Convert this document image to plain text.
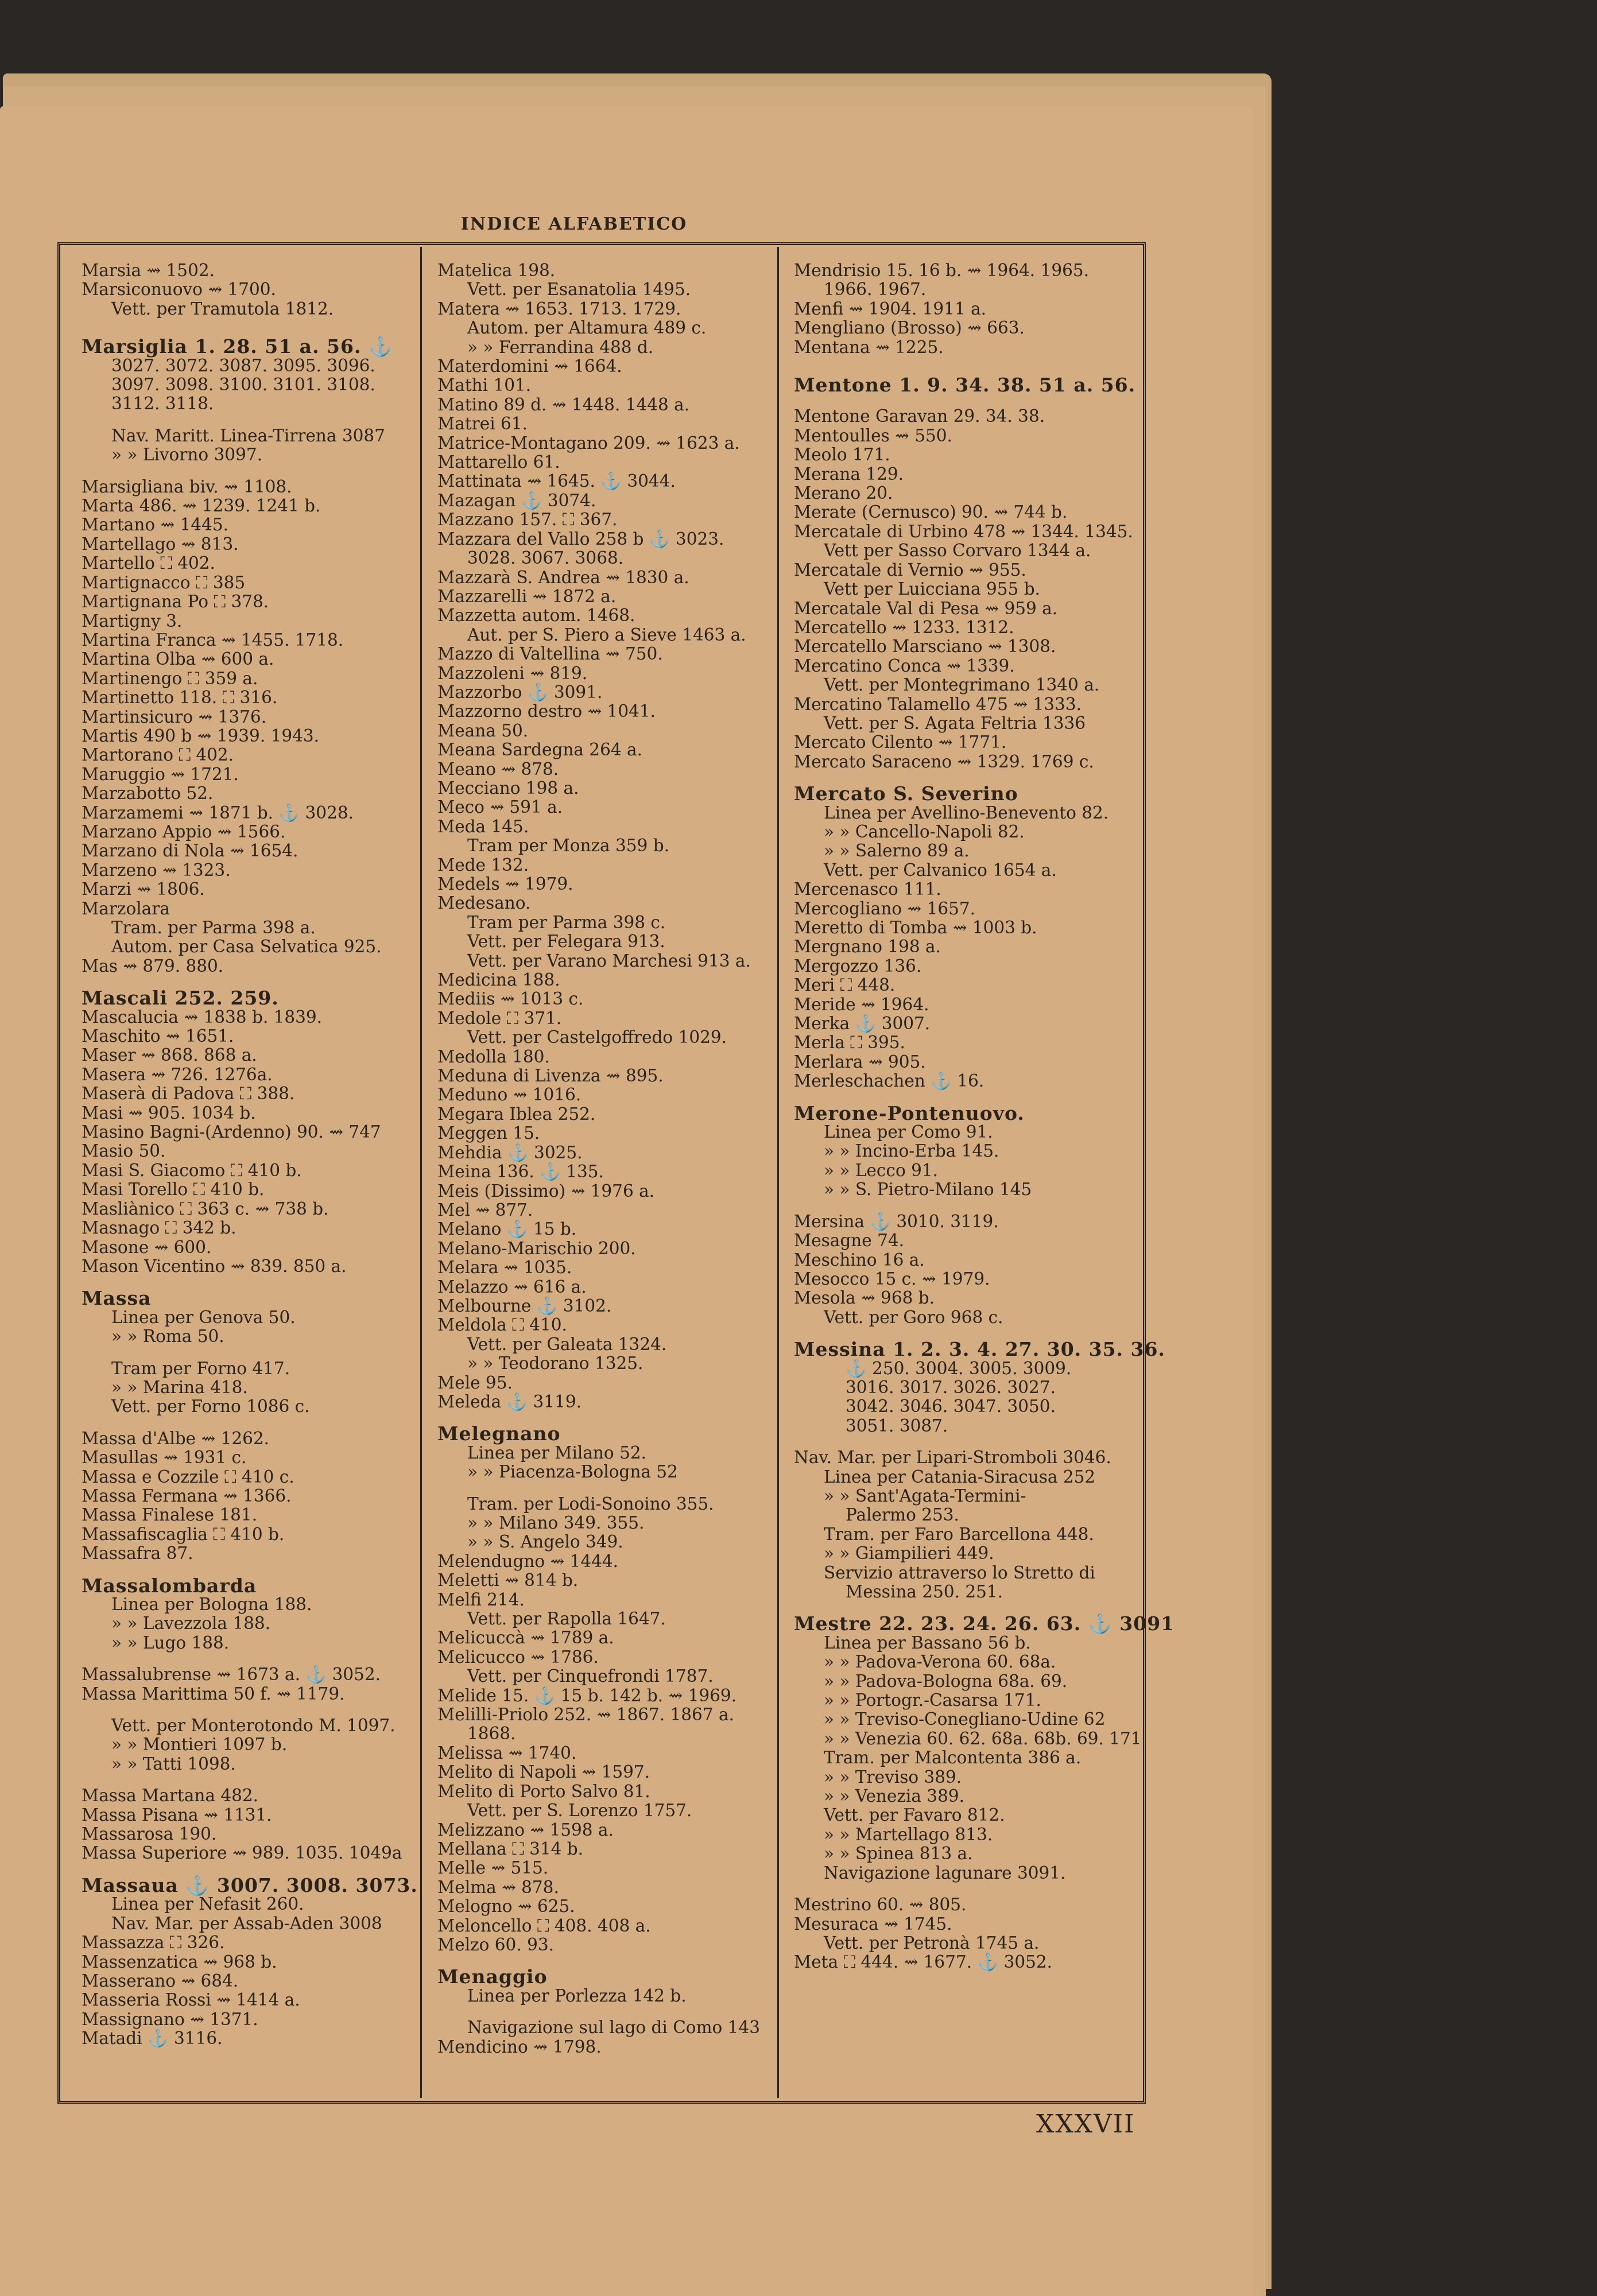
INDICE ALFABETICO
Marsia ⇝ 1502.
Marsiconuovo ⇝ 1700.
Vett. per Tramutola 1812.
Marsiglia 1. 28. 51 a. 56. ⚓
3027. 3072. 3087. 3095. 3096.
3097. 3098. 3100. 3101. 3108.
3112. 3118.
Nav. Maritt. Linea-Tirrena 3087
» » Livorno 3097.
Marsigliana biv. ⇝ 1108.
Marta 486. ⇝ 1239. 1241 b.
Martano ⇝ 1445.
Martellago ⇝ 813.
Martello ⛶ 402.
Martignacco ⛶ 385
Martignana Po ⛶ 378.
Martigny 3.
Martina Franca ⇝ 1455. 1718.
Martina Olba ⇝ 600 a.
Martinengo ⛶ 359 a.
Martinetto 118. ⛶ 316.
Martinsicuro ⇝ 1376.
Martis 490 b ⇝ 1939. 1943.
Martorano ⛶ 402.
Maruggio ⇝ 1721.
Marzabotto 52.
Marzamemi ⇝ 1871 b. ⚓ 3028.
Marzano Appio ⇝ 1566.
Marzano di Nola ⇝ 1654.
Marzeno ⇝ 1323.
Marzi ⇝ 1806.
Marzolara
Tram. per Parma 398 a.
Autom. per Casa Selvatica 925.
Mas ⇝ 879. 880.
Mascali 252. 259.
Mascalucia ⇝ 1838 b. 1839.
Maschito ⇝ 1651.
Maser ⇝ 868. 868 a.
Masera ⇝ 726. 1276a.
Maserà di Padova ⛶ 388.
Masi ⇝ 905. 1034 b.
Masino Bagni-(Ardenno) 90. ⇝ 747
Masio 50.
Masi S. Giacomo ⛶ 410 b.
Masi Torello ⛶ 410 b.
Masliànico ⛶ 363 c. ⇝ 738 b.
Masnago ⛶ 342 b.
Masone ⇝ 600.
Mason Vicentino ⇝ 839. 850 a.
Massa
Linea per Genova 50.
» » Roma 50.
Tram per Forno 417.
» » Marina 418.
Vett. per Forno 1086 c.
Massa d'Albe ⇝ 1262.
Masullas ⇝ 1931 c.
Massa e Cozzile ⛶ 410 c.
Massa Fermana ⇝ 1366.
Massa Finalese 181.
Massafiscaglia ⛶ 410 b.
Massafra 87.
Massalombarda
Linea per Bologna 188.
» » Lavezzola 188.
» » Lugo 188.
Massalubrense ⇝ 1673 a. ⚓ 3052.
Massa Marittima 50 f. ⇝ 1179.
Vett. per Monterotondo M. 1097.
» » Montieri 1097 b.
» » Tatti 1098.
Massa Martana 482.
Massa Pisana ⇝ 1131.
Massarosa 190.
Massa Superiore ⇝ 989. 1035. 1049a
Massaua ⚓ 3007. 3008. 3073.
Linea per Nefasit 260.
Nav. Mar. per Assab-Aden 3008
Massazza ⛶ 326.
Massenzatica ⇝ 968 b.
Masserano ⇝ 684.
Masseria Rossi ⇝ 1414 a.
Massignano ⇝ 1371.
Matadi ⚓ 3116.
Matelica 198.
Vett. per Esanatolia 1495.
Matera ⇝ 1653. 1713. 1729.
Autom. per Altamura 489 c.
» » Ferrandina 488 d.
Materdomini ⇝ 1664.
Mathi 101.
Matino 89 d. ⇝ 1448. 1448 a.
Matrei 61.
Matrice-Montagano 209. ⇝ 1623 a.
Mattarello 61.
Mattinata ⇝ 1645. ⚓ 3044.
Mazagan ⚓ 3074.
Mazzano 157. ⛶ 367.
Mazzara del Vallo 258 b ⚓ 3023.
3028. 3067. 3068.
Mazzarà S. Andrea ⇝ 1830 a.
Mazzarelli ⇝ 1872 a.
Mazzetta autom. 1468.
Aut. per S. Piero a Sieve 1463 a.
Mazzo di Valtellina ⇝ 750.
Mazzoleni ⇝ 819.
Mazzorbo ⚓ 3091.
Mazzorno destro ⇝ 1041.
Meana 50.
Meana Sardegna 264 a.
Meano ⇝ 878.
Mecciano 198 a.
Meco ⇝ 591 a.
Meda 145.
Tram per Monza 359 b.
Mede 132.
Medels ⇝ 1979.
Medesano.
Tram per Parma 398 c.
Vett. per Felegara 913.
Vett. per Varano Marchesi 913 a.
Medicina 188.
Mediis ⇝ 1013 c.
Medole ⛶ 371.
Vett. per Castelgoffredo 1029.
Medolla 180.
Meduna di Livenza ⇝ 895.
Meduno ⇝ 1016.
Megara Iblea 252.
Meggen 15.
Mehdia ⚓ 3025.
Meina 136. ⚓ 135.
Meis (Dissimo) ⇝ 1976 a.
Mel ⇝ 877.
Melano ⚓ 15 b.
Melano-Marischio 200.
Melara ⇝ 1035.
Melazzo ⇝ 616 a.
Melbourne ⚓ 3102.
Meldola ⛶ 410.
Vett. per Galeata 1324.
» » Teodorano 1325.
Mele 95.
Meleda ⚓ 3119.
Melegnano
Linea per Milano 52.
» » Piacenza-Bologna 52
Tram. per Lodi-Sonoino 355.
» » Milano 349. 355.
» » S. Angelo 349.
Melendugno ⇝ 1444.
Meletti ⇝ 814 b.
Melfi 214.
Vett. per Rapolla 1647.
Melicuccà ⇝ 1789 a.
Melicucco ⇝ 1786.
Vett. per Cinquefrondi 1787.
Melide 15. ⚓ 15 b. 142 b. ⇝ 1969.
Melilli-Priolo 252. ⇝ 1867. 1867 a.
1868.
Melissa ⇝ 1740.
Melito di Napoli ⇝ 1597.
Melito di Porto Salvo 81.
Vett. per S. Lorenzo 1757.
Melizzano ⇝ 1598 a.
Mellana ⛶ 314 b.
Melle ⇝ 515.
Melma ⇝ 878.
Melogno ⇝ 625.
Meloncello ⛶ 408. 408 a.
Melzo 60. 93.
Menaggio
Linea per Porlezza 142 b.
Navigazione sul lago di Como 143
Mendicino ⇝ 1798.
Mendrisio 15. 16 b. ⇝ 1964. 1965.
1966. 1967.
Menfi ⇝ 1904. 1911 a.
Mengliano (Brosso) ⇝ 663.
Mentana ⇝ 1225.
Mentone 1. 9. 34. 38. 51 a. 56.
Mentone Garavan 29. 34. 38.
Mentoulles ⇝ 550.
Meolo 171.
Merana 129.
Merano 20.
Merate (Cernusco) 90. ⇝ 744 b.
Mercatale di Urbino 478 ⇝ 1344. 1345.
Vett per Sasso Corvaro 1344 a.
Mercatale di Vernio ⇝ 955.
Vett per Luicciana 955 b.
Mercatale Val di Pesa ⇝ 959 a.
Mercatello ⇝ 1233. 1312.
Mercatello Marsciano ⇝ 1308.
Mercatino Conca ⇝ 1339.
Vett. per Montegrimano 1340 a.
Mercatino Talamello 475 ⇝ 1333.
Vett. per S. Agata Feltria 1336
Mercato Cilento ⇝ 1771.
Mercato Saraceno ⇝ 1329. 1769 c.
Mercato S. Severino
Linea per Avellino-Benevento 82.
» » Cancello-Napoli 82.
» » Salerno 89 a.
Vett. per Calvanico 1654 a.
Mercenasco 111.
Mercogliano ⇝ 1657.
Meretto di Tomba ⇝ 1003 b.
Mergnano 198 a.
Mergozzo 136.
Meri ⛶ 448.
Meride ⇝ 1964.
Merka ⚓ 3007.
Merla ⛶ 395.
Merlara ⇝ 905.
Merleschachen ⚓ 16.
Merone-Pontenuovo.
Linea per Como 91.
» » Incino-Erba 145.
» » Lecco 91.
» » S. Pietro-Milano 145
Mersina ⚓ 3010. 3119.
Mesagne 74.
Meschino 16 a.
Mesocco 15 c. ⇝ 1979.
Mesola ⇝ 968 b.
Vett. per Goro 968 c.
Messina 1. 2. 3. 4. 27. 30. 35. 36.
⚓ 250. 3004. 3005. 3009.
3016. 3017. 3026. 3027.
3042. 3046. 3047. 3050.
3051. 3087.
Nav. Mar. per Lipari-Stromboli 3046.
Linea per Catania-Siracusa 252
» » Sant'Agata-Termini-
Palermo 253.
Tram. per Faro Barcellona 448.
» » Giampilieri 449.
Servizio attraverso lo Stretto di
Messina 250. 251.
Mestre 22. 23. 24. 26. 63. ⚓ 3091
Linea per Bassano 56 b.
» » Padova-Verona 60. 68a.
» » Padova-Bologna 68a. 69.
» » Portogr.-Casarsa 171.
» » Treviso-Conegliano-Udine 62
» » Venezia 60. 62. 68a. 68b. 69. 171
Tram. per Malcontenta 386 a.
» » Treviso 389.
» » Venezia 389.
Vett. per Favaro 812.
» » Martellago 813.
» » Spinea 813 a.
Navigazione lagunare 3091.
Mestrino 60. ⇝ 805.
Mesuraca ⇝ 1745.
Vett. per Petronà 1745 a.
Meta ⛶ 444. ⇝ 1677. ⚓ 3052.
XXXVII
